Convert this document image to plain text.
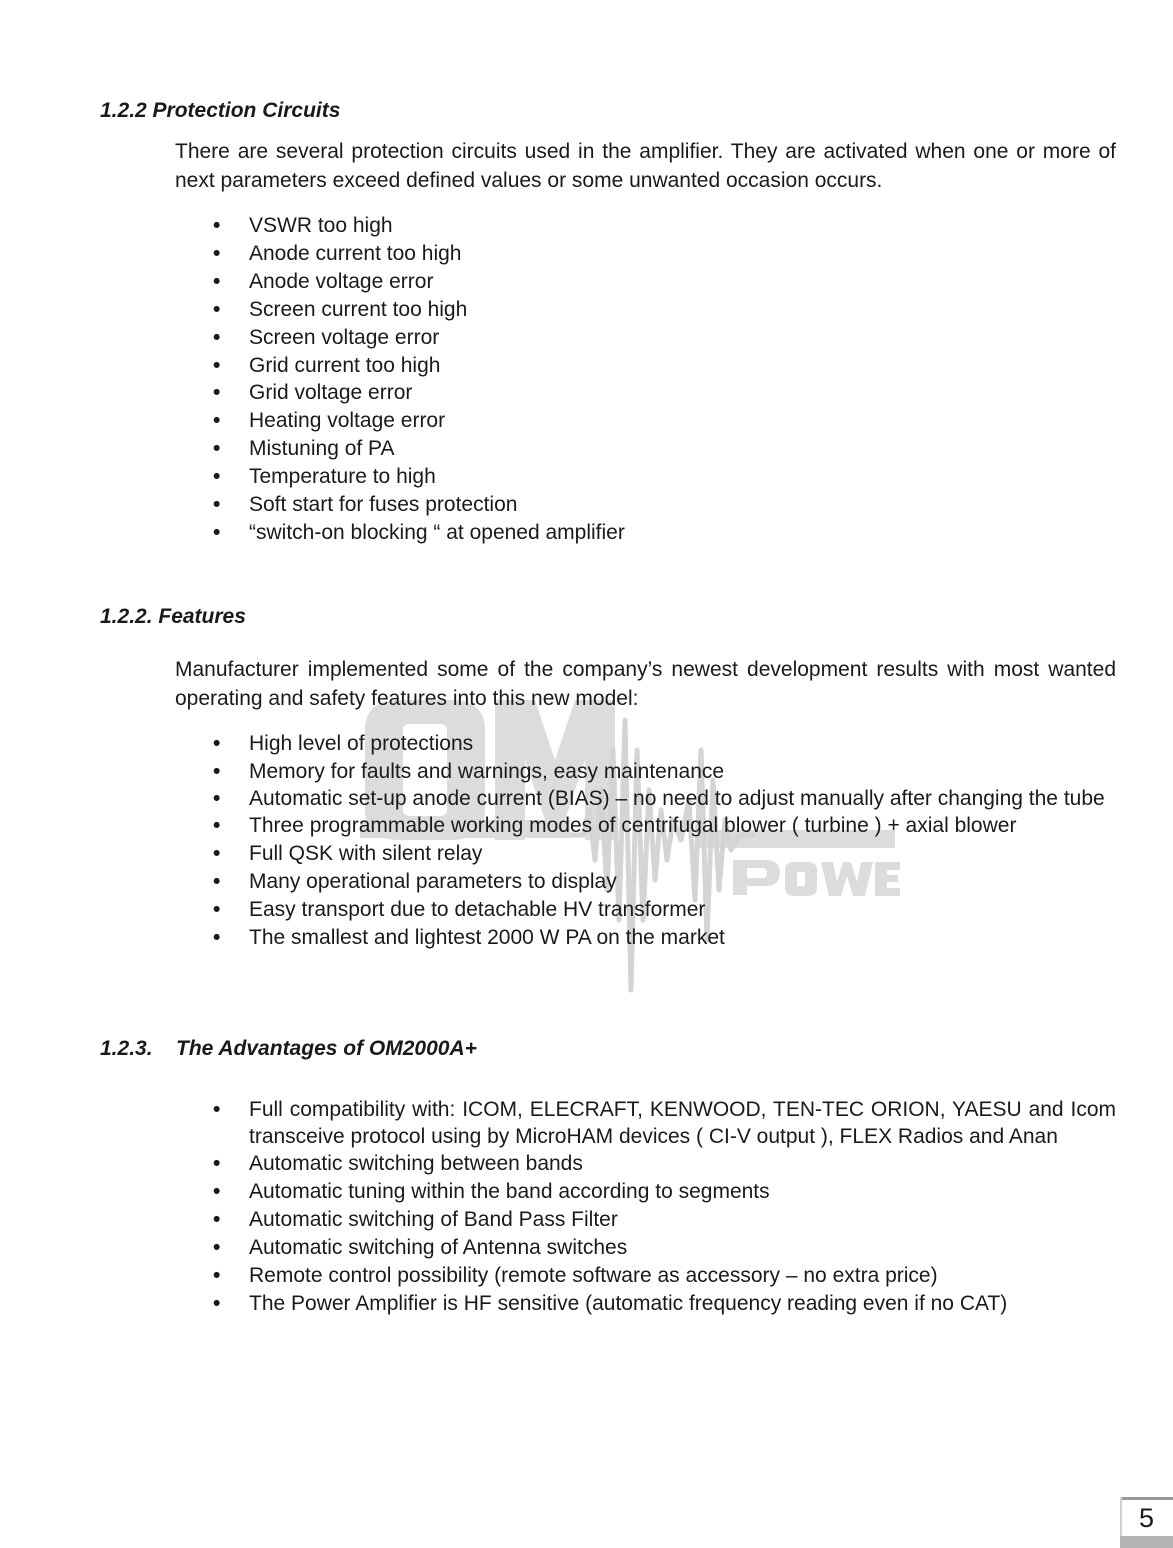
1.2.2 Protection Circuits

There are several protection circuits used in the amplifier. They are activated when one or more of next parameters exceed defined values or some unwanted occasion occurs.

• VSWR too high
• Anode current too high
• Anode voltage error
• Screen current too high
• Screen voltage error
• Grid current too high
• Grid voltage error
• Heating voltage error
• Mistuning of PA
• Temperature to high
• Soft start for fuses protection
• “switch-on blocking “ at opened amplifier
1.2.2. Features

Manufacturer implemented some of the company’s newest development results with most wanted operating and safety features into this new model:

• High level of protections
• Memory for faults and warnings, easy maintenance
• Automatic set-up anode current (BIAS) – no need to adjust manually after changing the tube
• Three programmable working modes of centrifugal blower ( turbine ) + axial blower
• Full QSK with silent relay
• Many operational parameters to display
• Easy transport due to detachable HV transformer
• The smallest and lightest 2000 W PA on the market
1.2.3. The Advantages of OM2000A+
• Full compatibility with: ICOM, ELECRAFT, KENWOOD, TEN-TEC ORION, YAESU and Icom transceive protocol using by MicroHAM devices ( CI-V output ), FLEX Radios and Anan
• Automatic switching between bands
• Automatic tuning within the band according to segments
• Automatic switching of Band Pass Filter
• Automatic switching of Antenna switches
• Remote control possibility (remote software as accessory – no extra price)
• The Power Amplifier is HF sensitive (automatic frequency reading even if no CAT)
5
